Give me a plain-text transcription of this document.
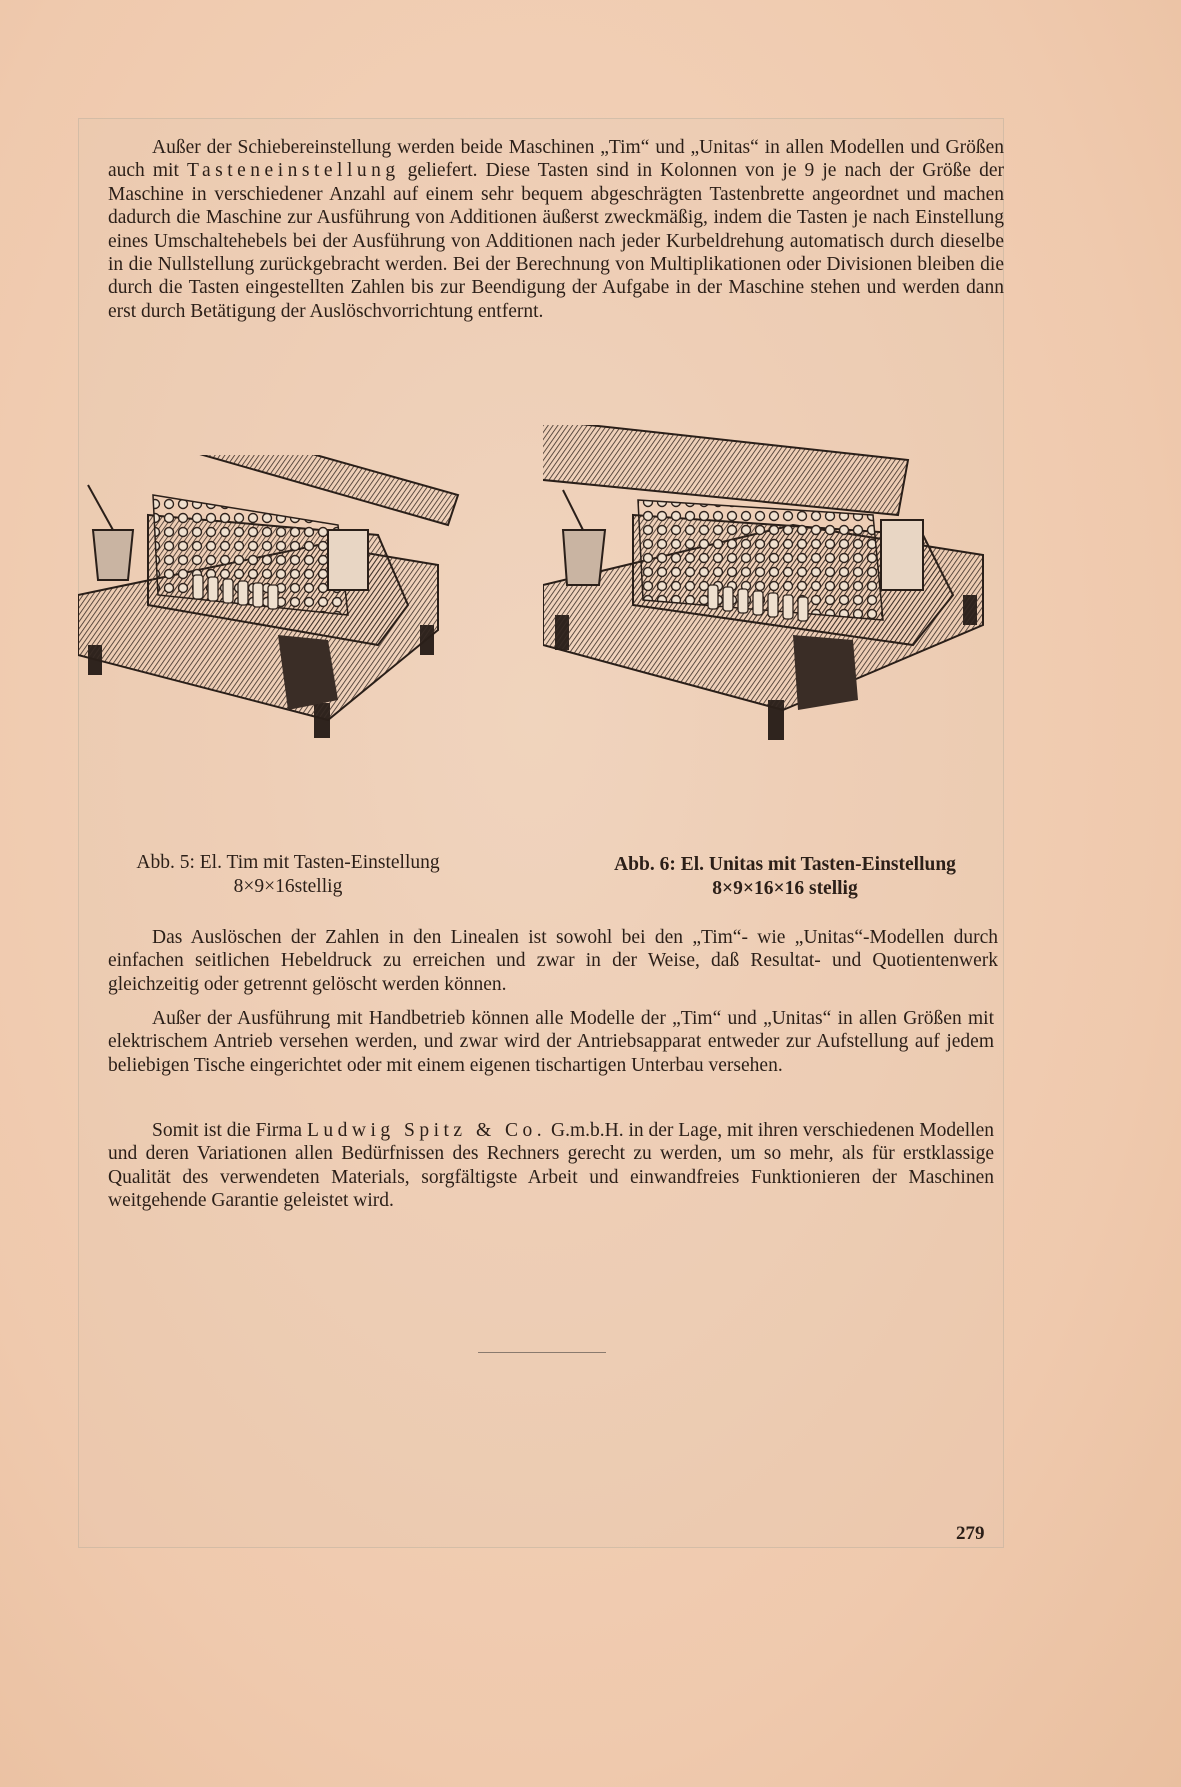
Außer der Schiebereinstellung werden beide Maschinen „Tim“ und „Unitas“ in allen Modellen und Größen auch mit Tasteneinstellung geliefert. Diese Tasten sind in Kolonnen von je 9 je nach der Größe der Maschine in verschiedener Anzahl auf einem sehr bequem abgeschrägten Tastenbrette angeordnet und machen dadurch die Maschine zur Ausführung von Additionen äußerst zweckmäßig, indem die Tasten je nach Einstellung eines Umschaltehebels bei der Ausführung von Additionen nach jeder Kurbeldrehung automatisch durch dieselbe in die Nullstellung zurückgebracht werden. Bei der Berechnung von Multiplikationen oder Divisionen bleiben die durch die Tasten eingestellten Zahlen bis zur Beendigung der Aufgabe in der Maschine stehen und werden dann erst durch Betätigung der Auslöschvorrichtung entfernt.

Abb. 5: El. Tim mit Tasten-Einstellung
8×9×16stellig
Abb. 6: El. Unitas mit Tasten-Einstellung
8×9×16×16 stellig

Das Auslöschen der Zahlen in den Linealen ist sowohl bei den „Tim“- wie „Unitas“-Modellen durch einfachen seitlichen Hebeldruck zu erreichen und zwar in der Weise, daß Resultat- und Quotientenwerk gleichzeitig oder getrennt gelöscht werden können.

Außer der Ausführung mit Handbetrieb können alle Modelle der „Tim“ und „Unitas“ in allen Größen mit elektrischem Antrieb versehen werden, und zwar wird der Antriebsapparat entweder zur Aufstellung auf jedem beliebigen Tische eingerichtet oder mit einem eigenen tischartigen Unterbau versehen.

Somit ist die Firma Ludwig Spitz & Co. G.m.b.H. in der Lage, mit ihren verschiedenen Modellen und deren Variationen allen Bedürfnissen des Rechners gerecht zu werden, um so mehr, als für erstklassige Qualität des verwendeten Materials, sorgfältigste Arbeit und einwandfreies Funktionieren der Maschinen weitgehende Garantie geleistet wird.

279
